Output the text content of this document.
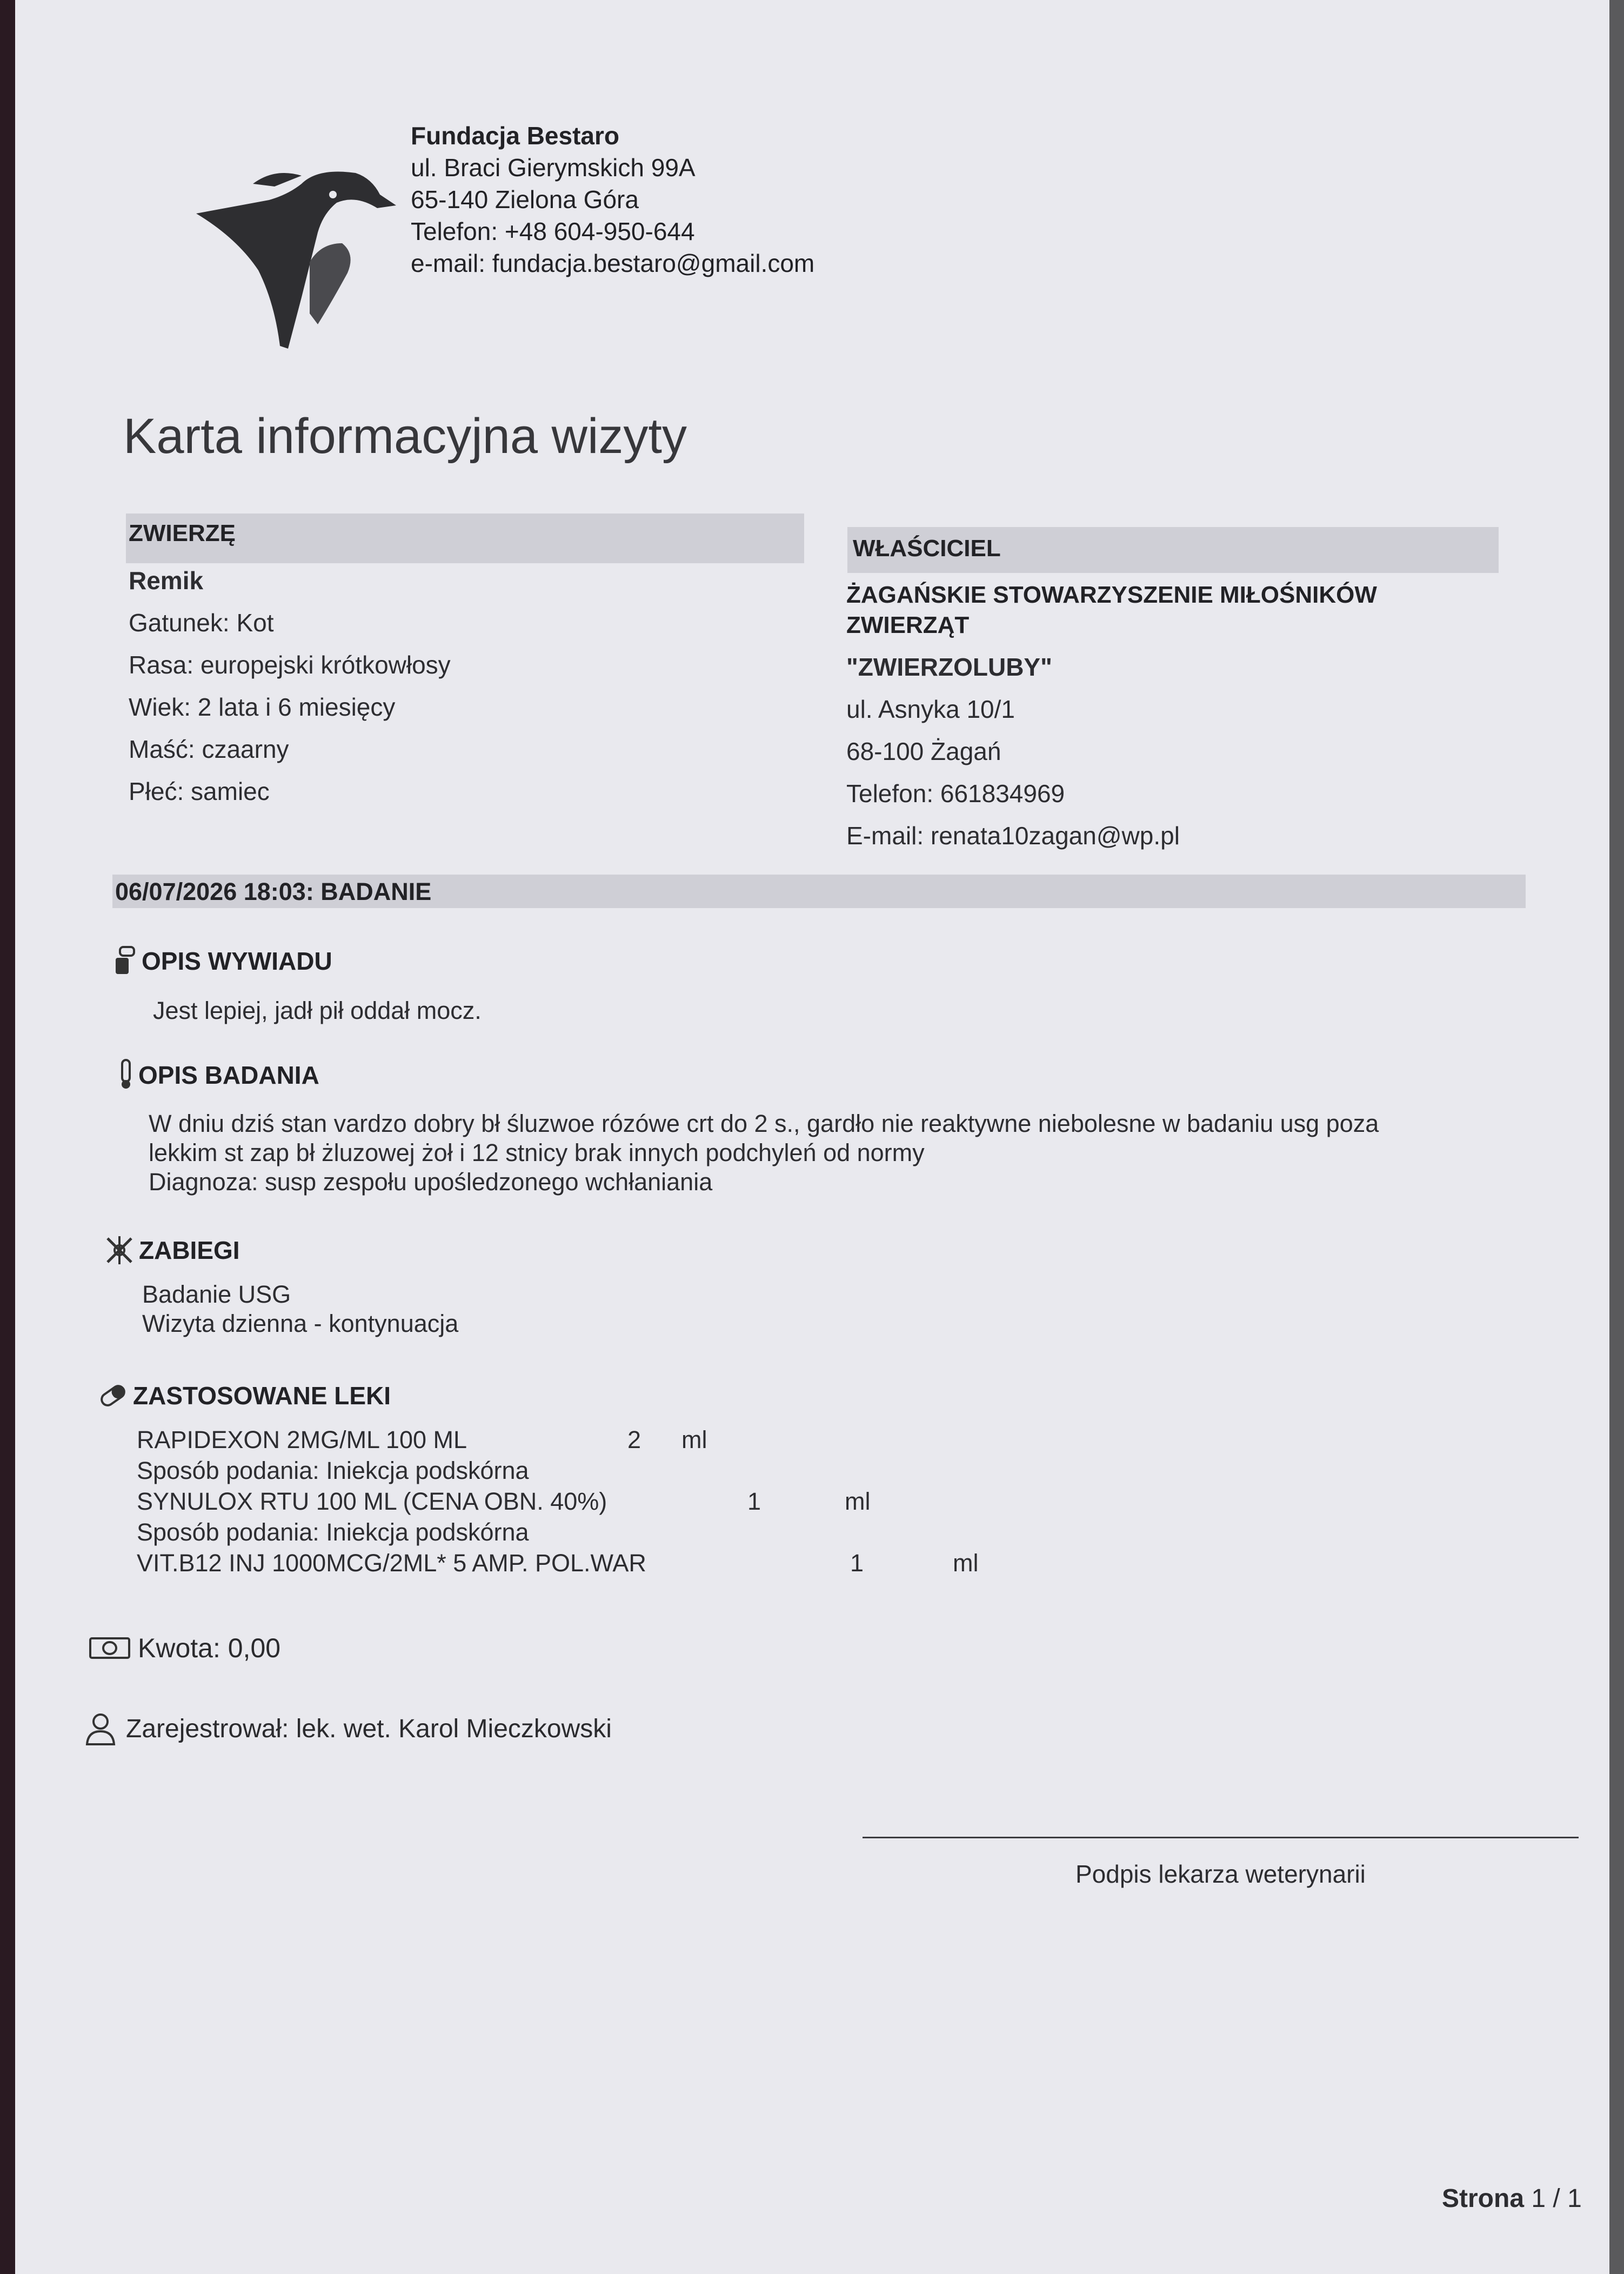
Fundacja Bestaro
ul. Braci Gierymskich 99A
65-140 Zielona Góra
Telefon: +48 604-950-644
e-mail: fundacja.bestaro@gmail.com
Karta informacyjna wizyty
ZWIERZĘ
Remik
Gatunek: Kot
Rasa: europejski krótkowłosy
Wiek: 2 lata i 6 miesięcy
Maść: czaarny
Płeć: samiec
WŁAŚCICIEL
ŻAGAŃSKIE STOWARZYSZENIE MIŁOŚNIKÓW
ZWIERZĄT
"ZWIERZOLUBY"
ul. Asnyka 10/1
68-100 Żagań
Telefon: 661834969
E-mail: renata10zagan@wp.pl
06/07/2026 18:03: BADANIE
OPIS WYWIADU
Jest lepiej, jadł pił oddał mocz.
OPIS BADANIA
W dniu dziś stan vardzo dobry bł śluzwoe rózówe crt do 2 s., gardło nie reaktywne niebolesne w badaniu usg poza
lekkim st zap bł żluzowej żoł i 12 stnicy brak innych podchyleń od normy
Diagnoza: susp zespołu upośledzonego wchłaniania
ZABIEGI
Badanie USG
Wizyta dzienna - kontynuacja
ZASTOSOWANE LEKI
RAPIDEXON 2MG/ML 100 ML	2	ml
Sposób podania: Iniekcja podskórna
SYNULOX RTU 100 ML (CENA OBN. 40%)	1	ml
Sposób podania: Iniekcja podskórna
VIT.B12 INJ 1000MCG/2ML* 5 AMP. POL.WAR	1	ml
Kwota: 0,00
Zarejestrował: lek. wet. Karol Mieczkowski
Podpis lekarza weterynarii
Strona 1 / 1
